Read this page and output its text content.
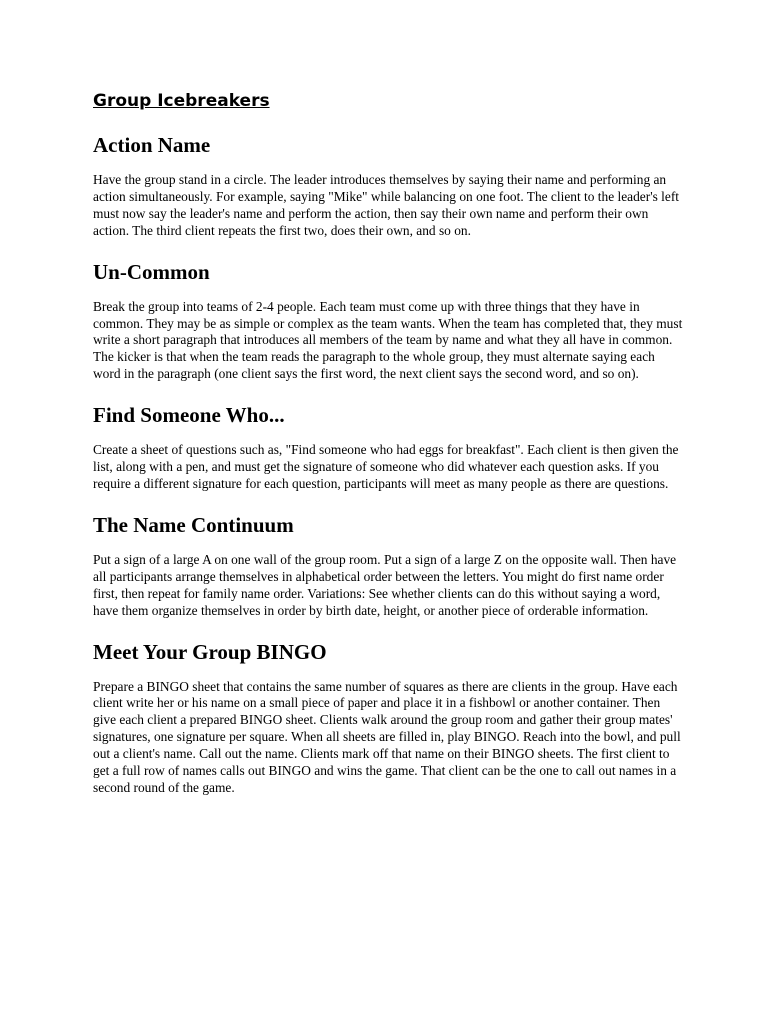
Group Icebreakers
Action Name

Have the group stand in a circle. The leader introduces themselves by saying their name and performing an action simultaneously. For example, saying "Mike" while balancing on one foot. The client to the leader's left must now say the leader's name and perform the action, then say their own name and perform their own action. The third client repeats the first two, does their own, and so on.

Un-Common

Break the group into teams of 2-4 people. Each team must come up with three things that they have in common. They may be as simple or complex as the team wants. When the team has completed that, they must write a short paragraph that introduces all members of the team by name and what they all have in common. The kicker is that when the team reads the paragraph to the whole group, they must alternate saying each word in the paragraph (one client says the first word, the next client says the second word, and so on).

Find Someone Who...

Create a sheet of questions such as, "Find someone who had eggs for breakfast". Each client is then given the list, along with a pen, and must get the signature of someone who did whatever each question asks. If you require a different signature for each question, participants will meet as many people as there are questions.

The Name Continuum

Put a sign of a large A on one wall of the group room. Put a sign of a large Z on the opposite wall. Then have all participants arrange themselves in alphabetical order between the letters. You might do first name order first, then repeat for family name order. Variations: See whether clients can do this without saying a word, have them organize themselves in order by birth date, height, or another piece of orderable information.

Meet Your Group BINGO

Prepare a BINGO sheet that contains the same number of squares as there are clients in the group. Have each client write her or his name on a small piece of paper and place it in a fishbowl or another container. Then give each client a prepared BINGO sheet. Clients walk around the group room and gather their group mates' signatures, one signature per square. When all sheets are filled in, play BINGO. Reach into the bowl, and pull out a client's name. Call out the name. Clients mark off that name on their BINGO sheets. The first client to get a full row of names calls out BINGO and wins the game. That client can be the one to call out names in a second round of the game.
